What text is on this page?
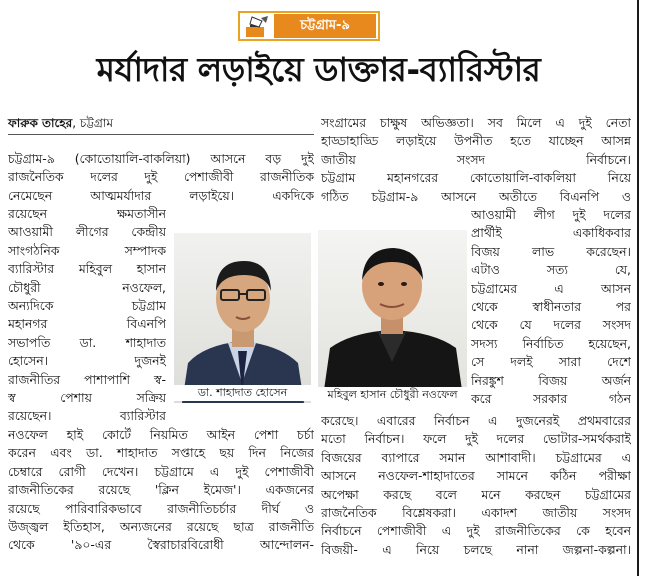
চট্টগ্রাম-৯
মর্যাদার লড়াইয়ে ডাক্তার-ব্যারিস্টার
ফারুক তাহের, চট্টগ্রাম
চট্টগ্রাম-৯ (কোতোয়ালি-বাকলিয়া) আসনে বড় দুই
রাজনৈতিক দলের দুই পেশাজীবী রাজনীতিক
নেমেছেন আত্মমর্যাদার লড়াইয়ে। একদিকে
রয়েছেন ক্ষমতাসীন
আওয়ামী লীগের কেন্দ্রীয়
সাংগঠনিক সম্পাদক
ব্যারিস্টার মহিবুল হাসান
চৌধুরী নওফেল,
অন্যদিকে চট্টগ্রাম
মহানগর বিএনপি
সভাপতি ডা. শাহাদাত
হোসেন। দুজনই
রাজনীতির পাশাপাশি স্ব-
স্ব পেশায় সক্রিয়
রয়েছেন। ব্যারিস্টার
নওফেল হাই কোর্টে নিয়মিত আইন পেশা চর্চা
করেন এবং ডা. শাহাদাত সপ্তাহে ছয় দিন নিজের
চেম্বারে রোগী দেখেন। চট্টগ্রামে এ দুই পেশাজীবী
রাজনীতিকের রয়েছে 'ক্লিন ইমেজ'। একজনের
রয়েছে পারিবারিকভাবে রাজনীতিচর্চার দীর্ঘ ও
উজ্জ্বল ইতিহাস, অন্যজনের রয়েছে ছাত্র রাজনীতি
থেকে '৯০-এর স্বৈরাচারবিরোধী আন্দোলন-
সংগ্রামের চাক্ষুষ অভিজ্ঞতা। সব মিলে এ দুই নেতা
হাড্ডাহাড্ডি লড়াইয়ে উপনীত হতে যাচ্ছেন আসন্ন
জাতীয় সংসদ নির্বাচনে।
চট্টগ্রাম মহানগরের কোতোয়ালি-বাকলিয়া নিয়ে
গঠিত চট্টগ্রাম-৯ আসনে অতীতে বিএনপি ও
আওয়ামী লীগ দুই দলের
প্রার্থীই একাধিকবার
বিজয় লাভ করেছেন।
এটাও সত্য যে,
চট্টগ্রামের এ আসন
থেকে স্বাধীনতার পর
থেকে যে দলের সংসদ
সদস্য নির্বাচিত হয়েছেন,
সে দলই সারা দেশে
নিরঙ্কুশ বিজয় অর্জন
করে সরকার গঠন
করেছে। এবারের নির্বাচন এ দুজনেরই প্রথমবারের
মতো নির্বাচন। ফলে দুই দলের ভোটার-সমর্থকরাই
বিজয়ের ব্যাপারে সমান আশাবাদী। চট্টগ্রামের এ
আসনে নওফেল-শাহাদাতের সামনে কঠিন পরীক্ষা
অপেক্ষা করছে বলে মনে করছেন চট্টগ্রামের
রাজনৈতিক বিশ্লেষকরা। একাদশ জাতীয় সংসদ
নির্বাচনে পেশাজীবী এ দুই রাজনীতিকের কে হবেন
বিজয়ী- এ নিয়ে চলছে নানা জল্পনা-কল্পনা।
ডা. শাহাদাত হোসেন	মহিবুল হাসান চৌধুরী নওফেল
